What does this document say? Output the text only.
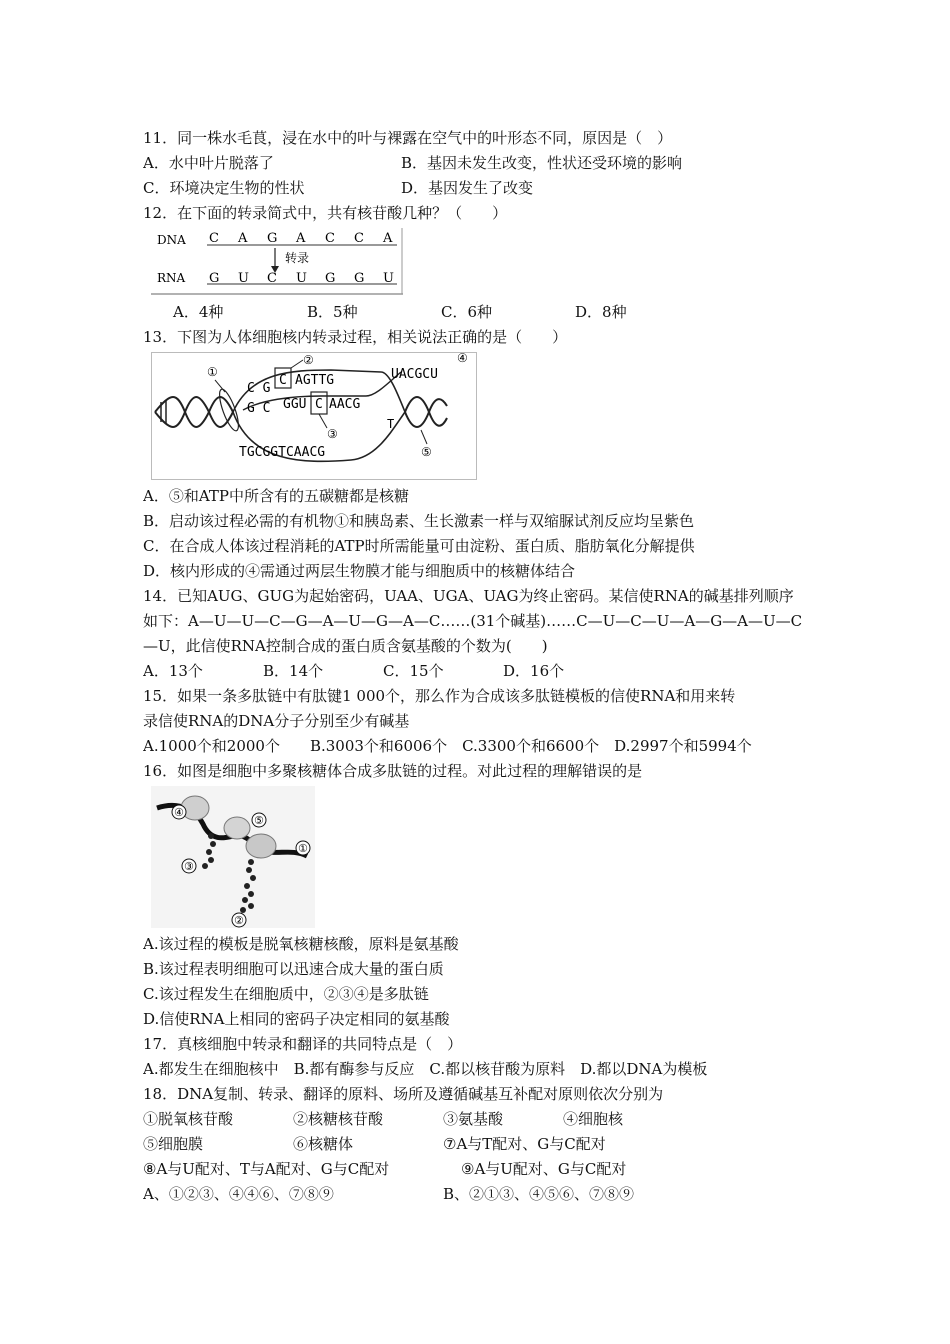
11．同一株水毛茛，浸在水中的叶与裸露在空气中的叶形态不同，原因是（　）
A．水中叶片脱落了	B．基因未发生改变，性状还受环境的影响
C．环境决定生物的性状	D．基因发生了改变
12．在下面的转录简式中，共有核苷酸几种？（　　）
DNA
RNA
C A G A C C A
G U C U G G U
转录
A．4种	B．5种	C．6种	D．8种
13．下图为人体细胞核内转录过程，相关说法正确的是（　　）
①
C G
C AGTTG
②
UACGCU
④
G C GGU C AACG
③
T
TGCGGTCAACG	⑤
A．⑤和ATP中所含有的五碳糖都是核糖
B．启动该过程必需的有机物①和胰岛素、生长激素一样与双缩脲试剂反应均呈紫色
C．在合成人体该过程消耗的ATP时所需能量可由淀粉、蛋白质、脂肪氧化分解提供
D．核内形成的④需通过两层生物膜才能与细胞质中的核糖体结合
14．已知AUG、GUG为起始密码，UAA、UGA、UAG为终止密码。某信使RNA的碱基排列顺序
如下：A—U—U—C—G—A—U—G—A—C……(31个碱基)……C—U—C—U—A—G—A—U—C
—U，此信使RNA控制合成的蛋白质含氨基酸的个数为(　　)
A．13个	B．14个	C．15个	D．16个
15．如果一条多肽链中有肽键1 000个，那么作为合成该多肽链模板的信使RNA和用来转
录信使RNA的DNA分子分别至少有碱基
A.1000个和2000个　　B.3003个和6006个　C.3300个和6600个　D.2997个和5994个
16．如图是细胞中多聚核糖体合成多肽链的过程。对此过程的理解错误的是
④
⑤
①
③
②
A.该过程的模板是脱氧核糖核酸，原料是氨基酸
B.该过程表明细胞可以迅速合成大量的蛋白质
C.该过程发生在细胞质中，②③④是多肽链
D.信使RNA上相同的密码子决定相同的氨基酸
17．真核细胞中转录和翻译的共同特点是（　）
A.都发生在细胞核中　B.都有酶参与反应　C.都以核苷酸为原料　D.都以DNA为模板
18．DNA复制、转录、翻译的原料、场所及遵循碱基互补配对原则依次分别为
①脱氧核苷酸	②核糖核苷酸	③氨基酸	④细胞核
⑤细胞膜	⑥核糖体	⑦A与T配对、G与C配对
⑧A与U配对、T与A配对、G与C配对	⑨A与U配对、G与C配对
A、①②③、④④⑥、⑦⑧⑨	B、②①③、④⑤⑥、⑦⑧⑨
